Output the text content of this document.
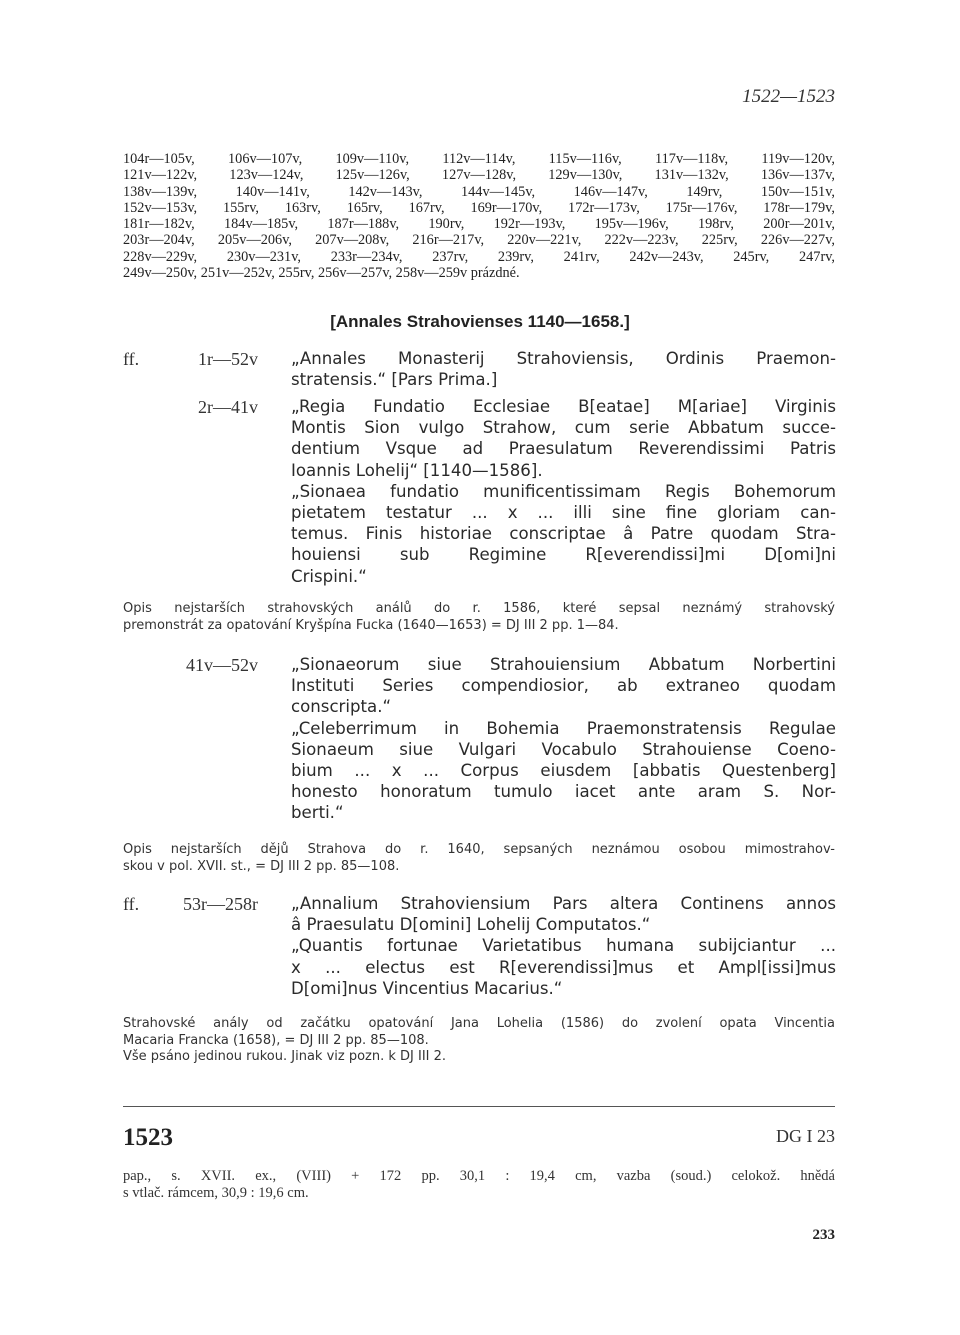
1522—1523
104r—105v, 106v—107v, 109v—110v, 112v—114v, 115v—116v, 117v—118v, 119v—120v,
121v—122v, 123v—124v, 125v—126v, 127v—128v, 129v—130v, 131v—132v, 136v—137v,
138v—139v, 140v—141v, 142v—143v, 144v—145v, 146v—147v, 149rv, 150v—151v,
152v—153v, 155rv, 163rv, 165rv, 167rv, 169r—170v, 172r—173v, 175r—176v, 178r—179v,
181r—182v, 184v—185v, 187r—188v, 190rv, 192r—193v, 195v—196v, 198rv, 200r—201v,
203r—204v, 205v—206v, 207v—208v, 216r—217v, 220v—221v, 222v—223v, 225rv, 226v—227v,
228v—229v, 230v—231v, 233r—234v, 237rv, 239rv, 241rv, 242v—243v, 245rv, 247rv,
249v—250v, 251v—252v, 255rv, 256v—257v, 258v—259v prázdné.
[Annales Strahovienses 1140—1658.]
ff.	1r—52v „Annales Monasterij Strahoviensis, Ordinis Praemon-
stratensis.“ [Pars Prima.]
2r—41v „Regia Fundatio Ecclesiae B[eatae] M[ariae] Virginis
Montis Sion vulgo Strahow, cum serie Abbatum succe-
dentium Vsque ad Praesulatum Reverendissimi Patris
Ioannis Lohelij“ [1140—1586].
„Sionaea fundatio munificentissimam Regis Bohemorum
pietatem testatur ... x ... illi sine fine gloriam can-
temus. Finis historiae conscriptae â Patre quodam Stra-
houiensi sub Regimine R[everendissi]mi D[omi]ni
Crispini.“
Opis nejstarších strahovských análů do r. 1586, které sepsal neznámý strahovský
premonstrát za opatování Kryšpína Fucka (1640—1653) = DJ III 2 pp. 1—84.
41v—52v „Sionaeorum siue Strahouiensium Abbatum Norbertini
Instituti Series compendiosior, ab extraneo quodam
conscripta.“
„Celeberrimum in Bohemia Praemonstratensis Regulae
Sionaeum siue Vulgari Vocabulo Strahouiense Coeno-
bium ... x ... Corpus eiusdem [abbatis Questenberg]
honesto honoratum tumulo iacet ante aram S. Nor-
berti.“
Opis nejstarších dějů Strahova do r. 1640, sepsaných neznámou osobou mimostrahov-
skou v pol. XVII. st., = DJ III 2 pp. 85—108.
ff.	53r—258r „Annalium Strahoviensium Pars altera Continens annos
â Praesulatu D[omini] Lohelij Computatos.“
„Quantis fortunae Varietatibus humana subijciantur ...
x ... electus est R[everendissi]mus et Ampl[issi]mus
D[omi]nus Vincentius Macarius.“
Strahovské anály od začátku opatování Jana Lohelia (1586) do zvolení opata Vincentia
Macaria Francka (1658), = DJ III 2 pp. 85—108.
Vše psáno jedinou rukou. Jinak viz pozn. k DJ III 2.
1523	DG I 23
pap., s. XVII. ex., (VIII) + 172 pp. 30,1 : 19,4 cm, vazba (soud.) celokož. hnědá
s vtlač. rámcem, 30,9 : 19,6 cm.
233
